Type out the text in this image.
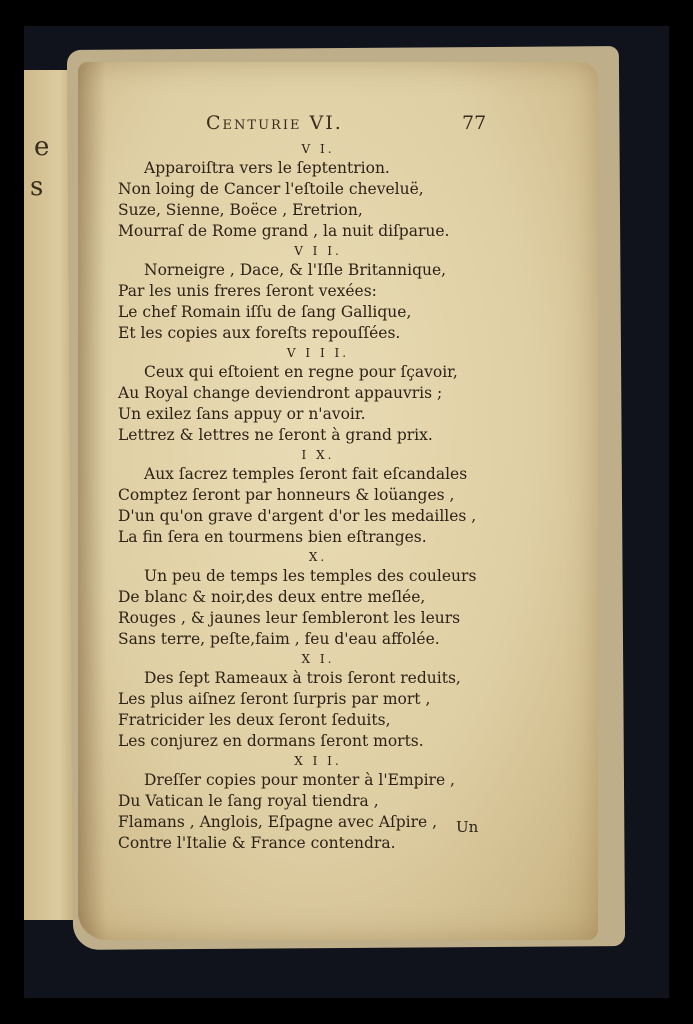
e
s
Centurie VI.	77
V I.
Apparoiſtra vers le ſeptentrion.
Non loing de Cancer l'eſtoile cheveluë,
Suze, Sienne, Boëce , Eretrion,
Mourraſ de Rome grand , la nuit diſparue.
V I I.
Norneigre , Dace, & l'Iſle Britannique,
Par les unis freres ſeront vexées:
Le chef Romain iſſu de ſang Gallique,
Et les copies aux foreſts repouſſées.
V I I I.
Ceux qui eſtoient en regne pour ſçavoir,
Au Royal change deviendront appauvris ;
Un exilez ſans appuy or n'avoir.
Lettrez & lettres ne ſeront à grand prix.
I X.
Aux ſacrez temples ſeront fait eſcandales
Comptez ſeront par honneurs & loüanges ,
D'un qu'on grave d'argent d'or les medailles ,
La fin ſera en tourmens bien eſtranges.
X.
Un peu de temps les temples des couleurs
De blanc & noir,des deux entre meſlée,
Rouges , & jaunes leur ſembleront les leurs
Sans terre, peſte,faim , feu d'eau affolée.
X I.
Des ſept Rameaux à trois ſeront reduits,
Les plus aiſnez ſeront ſurpris par mort ,
Fratricider les deux ſeront ſeduits,
Les conjurez en dormans ſeront morts.
X I I.
Dreſſer copies pour monter à l'Empire ,
Du Vatican le ſang royal tiendra ,
Flamans , Anglois, Eſpagne avec Aſpire ,
Contre l'Italie & France contendra.
Un
